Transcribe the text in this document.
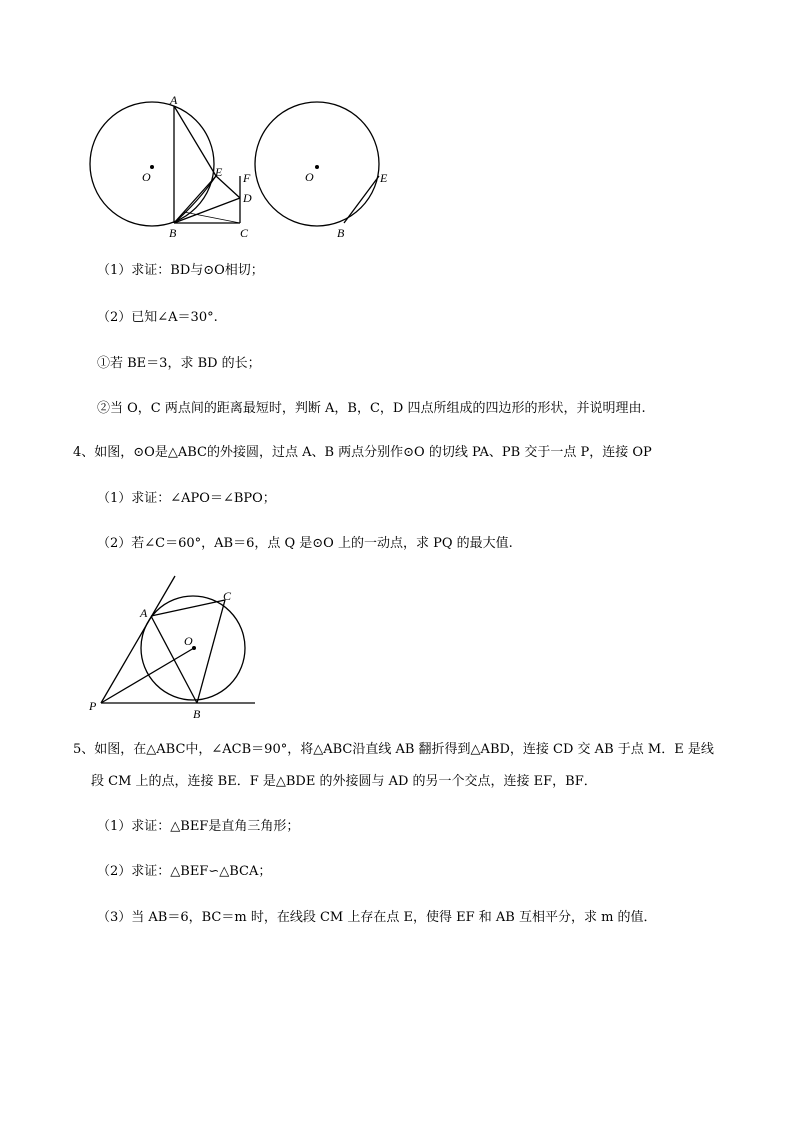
A
O	E F
D
B	C
O	E
B
（1）求证：BD与⊙O相切；
（2）已知∠A＝30°.
①若 BE＝3，求 BD 的长；
②当 O，C 两点间的距离最短时，判断 A，B，C，D 四点所组成的四边形的形状，并说明理由.
4、如图，⊙O是△ABC的外接圆，过点 A、B 两点分别作⊙O 的切线 PA、PB 交于一点 P，连接 OP
（1）求证：∠APO＝∠BPO；
（2）若∠C＝60°，AB＝6，点 Q 是⊙O 上的一动点，求 PQ 的最大值.
A
C
O
P
B
5、如图，在△ABC中，∠ACB＝90°，将△ABC沿直线 AB 翻折得到△ABD，连接 CD 交 AB 于点 M．E 是线
段 CM 上的点，连接 BE．F 是△BDE 的外接圆与 AD 的另一个交点，连接 EF，BF．
（1）求证：△BEF是直角三角形；
（2）求证：△BEF∽△BCA；
（3）当 AB＝6，BC＝m 时，在线段 CM 上存在点 E，使得 EF 和 AB 互相平分，求 m 的值．
